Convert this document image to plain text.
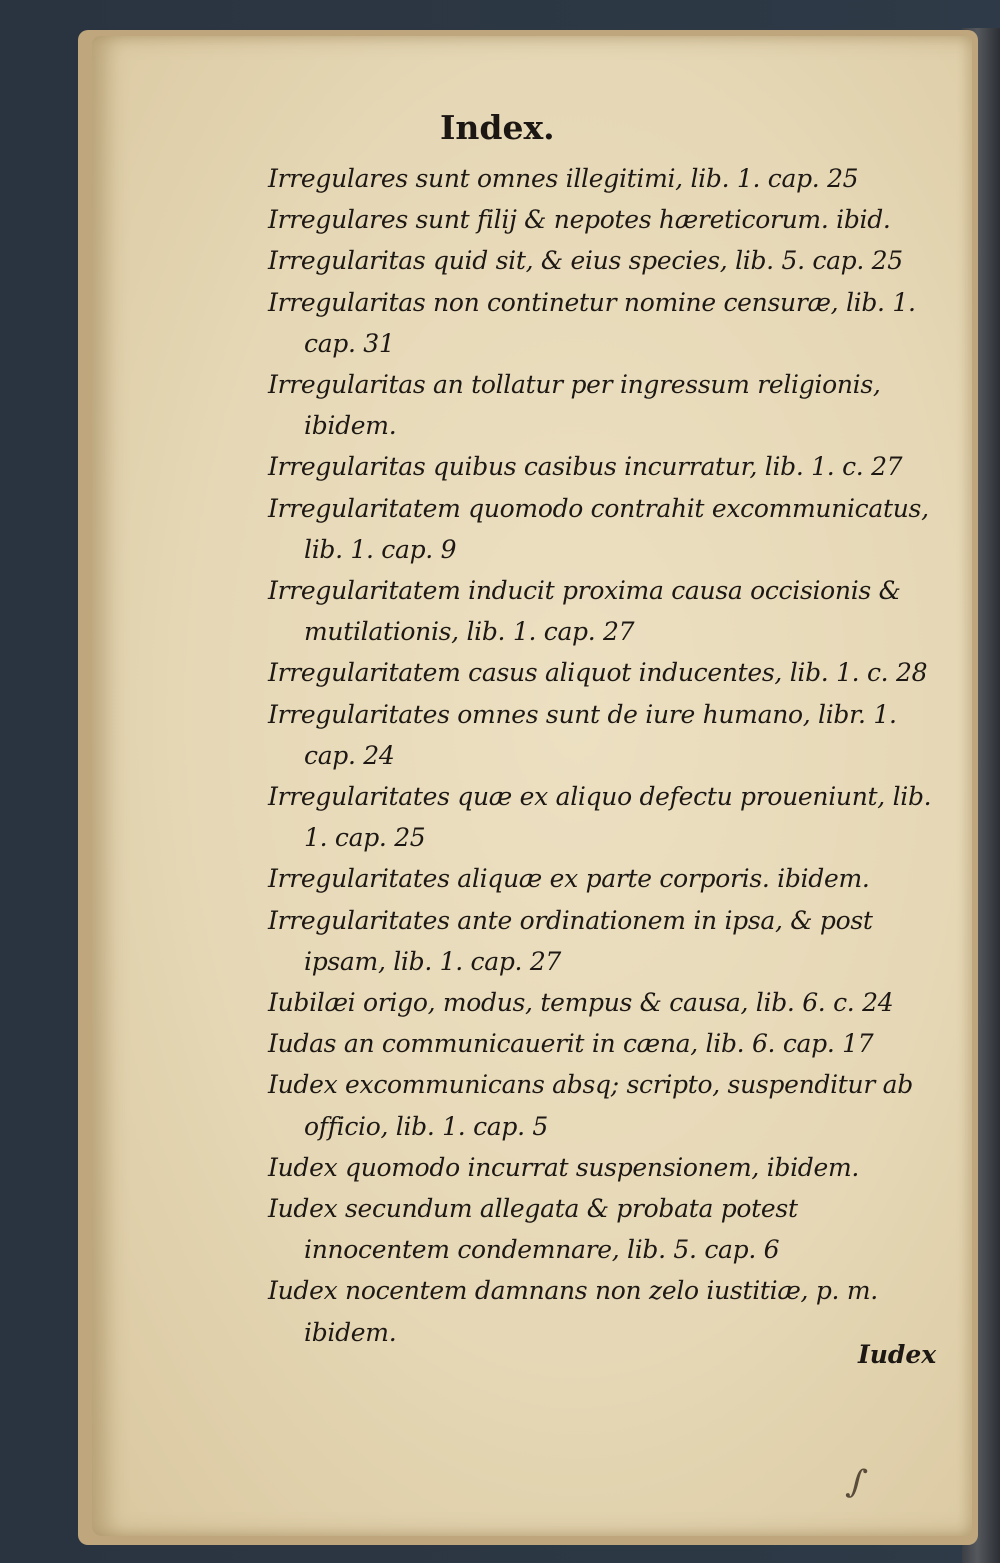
Index.
Irregulares sunt omnes illegitimi, lib. 1. cap. 25
Irregulares sunt filij & nepotes hæreticorum. ibid.
Irregularitas quid sit, & eius species, lib. 5. cap. 25
Irregularitas non continetur nomine censuræ, lib. 1. cap. 31
Irregularitas an tollatur per ingressum religionis, ibidem.
Irregularitas quibus casibus incurratur, lib. 1. c. 27
Irregularitatem quomodo contrahit excommunicatus, lib. 1. cap. 9
Irregularitatem inducit proxima causa occisionis & mutilationis, lib. 1. cap. 27
Irregularitatem casus aliquot inducentes, lib. 1. c. 28
Irregularitates omnes sunt de iure humano, libr. 1. cap. 24
Irregularitates quæ ex aliquo defectu proueniunt, lib. 1. cap. 25
Irregularitates aliquæ ex parte corporis. ibidem.
Irregularitates ante ordinationem in ipsa, & post ipsam, lib. 1. cap. 27
Iubilæi origo, modus, tempus & causa, lib. 6. c. 24
Iudas an communicauerit in cæna, lib. 6. cap. 17
Iudex excommunicans absq; scripto, suspenditur ab officio, lib. 1. cap. 5
Iudex quomodo incurrat suspensionem, ibidem.
Iudex secundum allegata & probata potest innocentem condemnare, lib. 5. cap. 6
Iudex nocentem damnans non zelo iustitiæ, p. m. ibidem.
Iudex
∫
